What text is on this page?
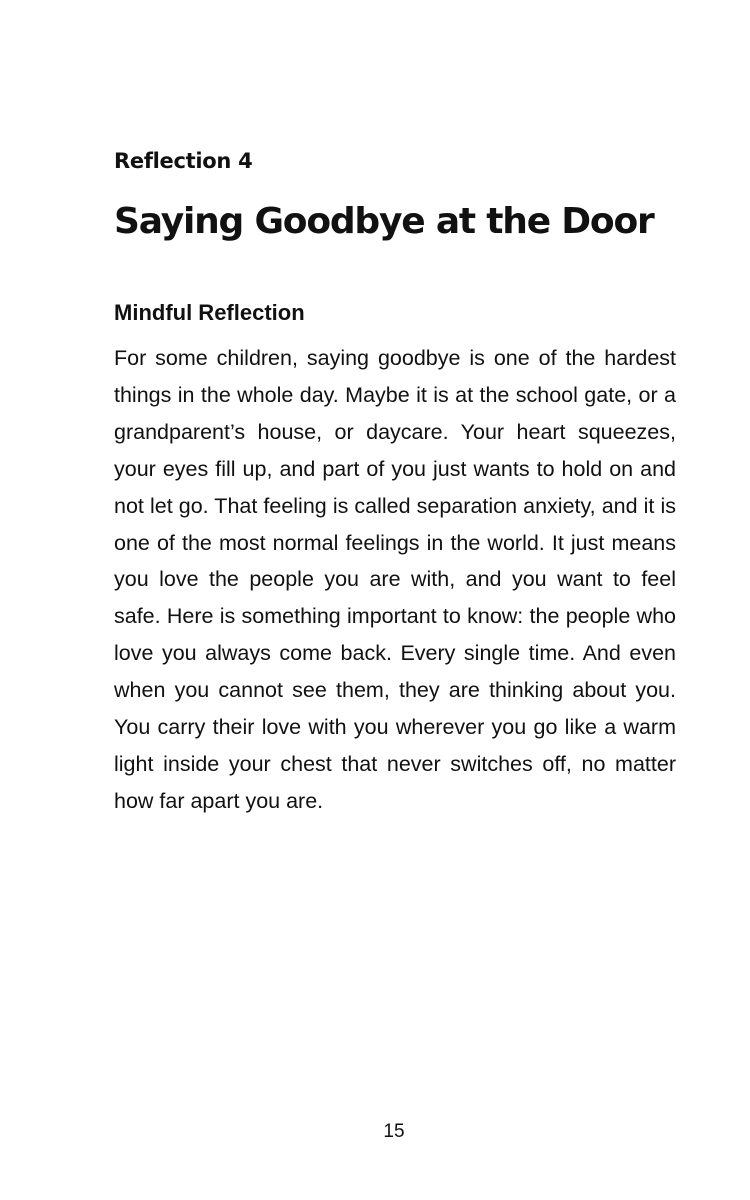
Reflection 4

Saying Goodbye at the Door
Mindful Reflection

For some children, saying goodbye is one of the hardest things in the whole day. Maybe it is at the school gate, or a grandparent’s house, or daycare. Your heart squeezes, your eyes fill up, and part of you just wants to hold on and not let go. That feeling is called separation anxiety, and it is one of the most normal feelings in the world. It just means you love the people you are with, and you want to feel safe. Here is something important to know: the people who love you always come back. Every single time. And even when you cannot see them, they are thinking about you. You carry their love with you wherever you go like a warm light inside your chest that never switches off, no matter how far apart you are.

15
